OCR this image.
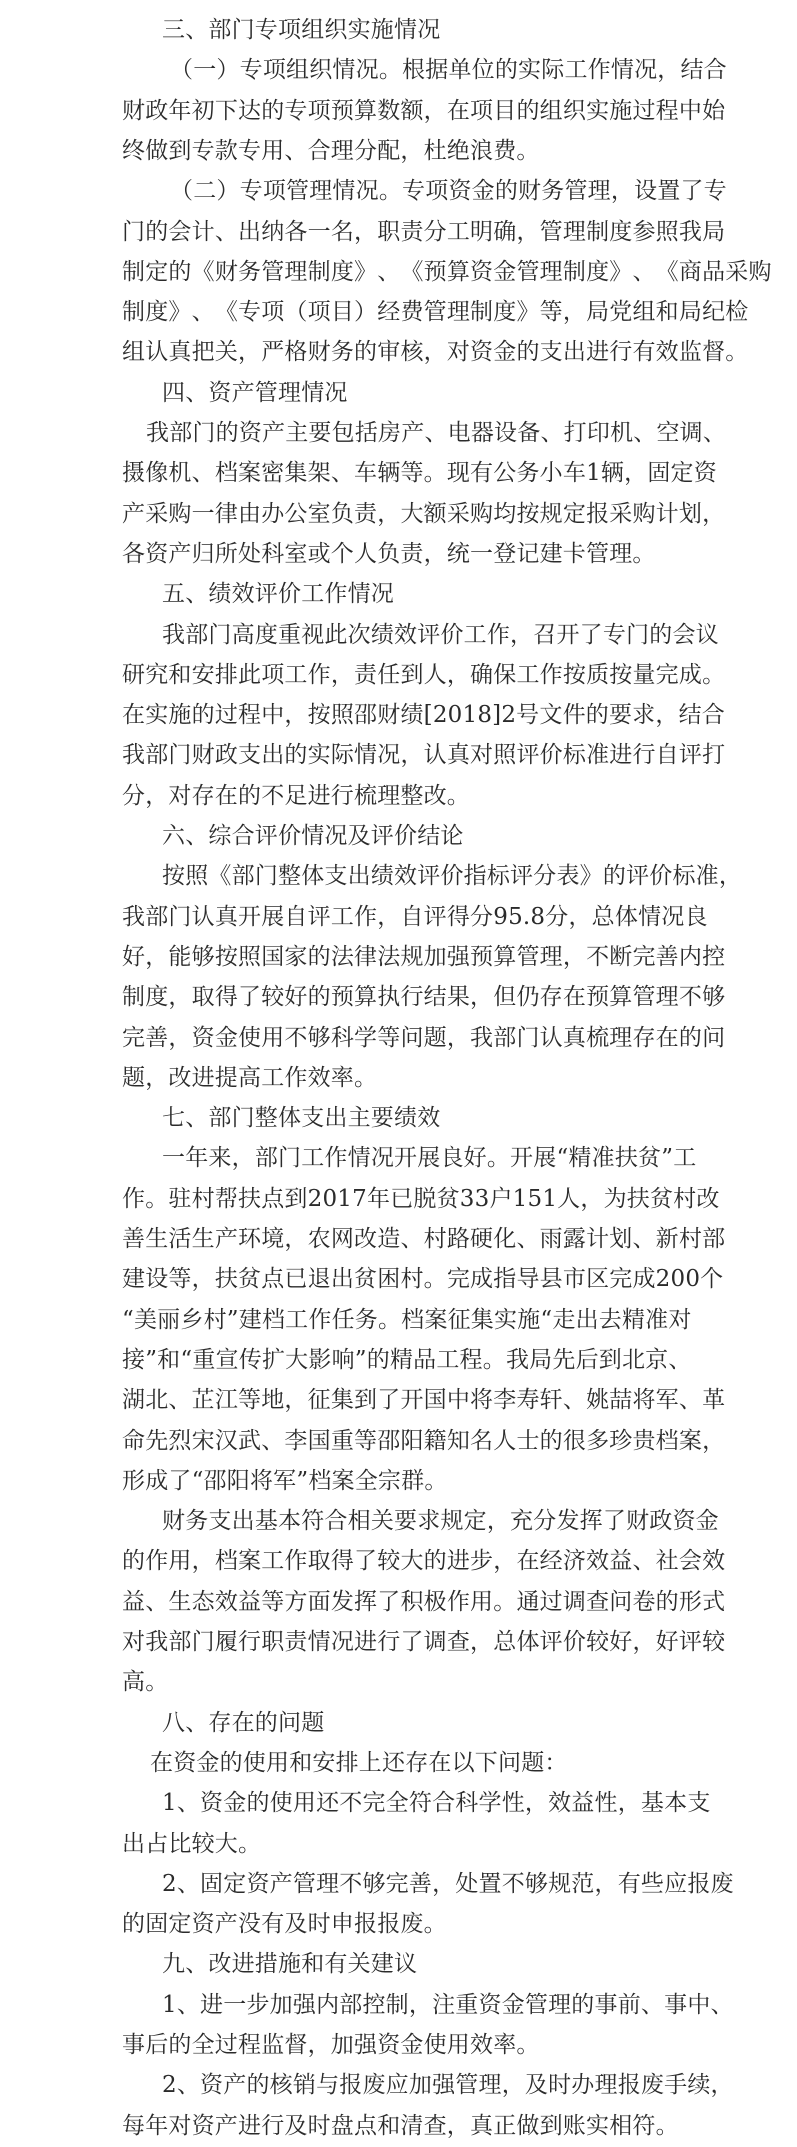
三、部门专项组织实施情况
（ 一 ） 专 项 组 织 情 况 。 根 据 单 位 的 实 际 工 作 情 况 ， 结 合
财 政 年 初 下 达 的 专 项 预 算 数 额 ， 在 项 目 的 组 织 实 施 过 程 中 始
终做到专款专用、合理分配，杜绝浪费。
（ 二 ） 专 项 管 理 情 况 。 专 项 资 金 的 财 务 管 理 ， 设 置 了 专
门 的 会 计 、 出 纳 各 一 名 ， 职 责 分 工 明 确 ， 管 理 制 度 参 照 我 局
制 定 的 《 财 务 管 理 制 度 》 、 《 预 算 资 金 管 理 制 度 》 、 《 商 品 采 购
制 度 》 、 《 专 项 （ 项 目 ） 经 费 管 理 制 度 》 等 ， 局 党 组 和 局 纪 检
组 认 真 把 关 ， 严 格 财 务 的 审 核 ， 对 资 金 的 支 出 进 行 有 效 监 督 。
四、资产管理情况
我 部 门 的 资 产 主 要 包 括 房 产 、 电 器 设 备 、 打 印 机 、 空 调 、
摄 像 机 、 档 案 密 集 架 、 车 辆 等 。 现 有 公 务 小 车 1 辆 ， 固 定 资
产 采 购 一 律 由 办 公 室 负 责 ， 大 额 采 购 均 按 规 定 报 采 购 计 划 ，
各资产归所处科室或个人负责，统一登记建卡管理。
五、绩效评价工作情况
我 部 门 高 度 重 视 此 次 绩 效 评 价 工 作 ， 召 开 了 专 门 的 会 议
研 究 和 安 排 此 项 工 作 ， 责 任 到 人 ， 确 保 工 作 按 质 按 量 完 成 。
在 实 施 的 过 程 中 ， 按 照 邵 财 绩 [2018]2 号 文 件 的 要 求 ， 结 合
我 部 门 财 政 支 出 的 实 际 情 况 ， 认 真 对 照 评 价 标 准 进 行 自 评 打
分，对存在的不足进行梳理整改。
六、综合评价情况及评价结论
按 照 《 部 门 整 体 支 出 绩 效 评 价 指 标 评 分 表 》 的 评 价 标 准 ，
我 部 门 认 真 开 展 自 评 工 作 ， 自 评 得 分 95.8 分 ， 总 体 情 况 良
好 ， 能 够 按 照 国 家 的 法 律 法 规 加 强 预 算 管 理 ， 不 断 完 善 内 控
制 度 ， 取 得 了 较 好 的 预 算 执 行 结 果 ， 但 仍 存 在 预 算 管 理 不 够
完 善 ， 资 金 使 用 不 够 科 学 等 问 题 ， 我 部 门 认 真 梳 理 存 在 的 问
题，改进提高工作效率。
七、部门整体支出主要绩效
一 年 来 ， 部 门 工 作 情 况 开 展 良 好 。 开 展 “ 精 准 扶 贫 ” 工
作 。 驻 村 帮 扶 点 到 2017 年 已 脱 贫 33 户 151 人 ， 为 扶 贫 村 改
善 生 活 生 产 环 境 ， 农 网 改 造 、 村 路 硬 化 、 雨 露 计 划 、 新 村 部
建 设 等 ， 扶 贫 点 已 退 出 贫 困 村 。 完 成 指 导 县 市 区 完 成 200 个
“ 美 丽 乡 村 ” 建 档 工 作 任 务 。 档 案 征 集 实 施 “ 走 出 去 精 准 对
接 ” 和 “ 重 宣 传 扩 大 影 响 ” 的 精 品 工 程 。 我 局 先 后 到 北 京 、
湖 北 、 芷 江 等 地 ， 征 集 到 了 开 国 中 将 李 寿 轩 、 姚 喆 将 军 、 革
命 先 烈 宋 汉 武 、 李 国 重 等 邵 阳 籍 知 名 人 士 的 很 多 珍 贵 档 案 ，
形成了“邵阳将军”档案全宗群。
财 务 支 出 基 本 符 合 相 关 要 求 规 定 ， 充 分 发 挥 了 财 政 资 金
的 作 用 ， 档 案 工 作 取 得 了 较 大 的 进 步 ， 在 经 济 效 益 、 社 会 效
益 、 生 态 效 益 等 方 面 发 挥 了 积 极 作 用 。 通 过 调 查 问 卷 的 形 式
对 我 部 门 履 行 职 责 情 况 进 行 了 调 查 ， 总 体 评 价 较 好 ， 好 评 较
高。
八、存在的问题
在资金的使用和安排上还存在以下问题：
1 、 资 金 的 使 用 还 不 完 全 符 合 科 学 性 ， 效 益 性 ， 基 本 支
出占比较大。
2 、 固 定 资 产 管 理 不 够 完 善 ， 处 置 不 够 规 范 ， 有 些 应 报 废
的固定资产没有及时申报报废。
九、改进措施和有关建议
1 、 进 一 步 加 强 内 部 控 制 ， 注 重 资 金 管 理 的 事 前 、 事 中 、
事后的全过程监督，加强资金使用效率。
2 、 资 产 的 核 销 与 报 废 应 加 强 管 理 ， 及 时 办 理 报 废 手 续 ，
每年对资产进行及时盘点和清查，真正做到账实相符。
